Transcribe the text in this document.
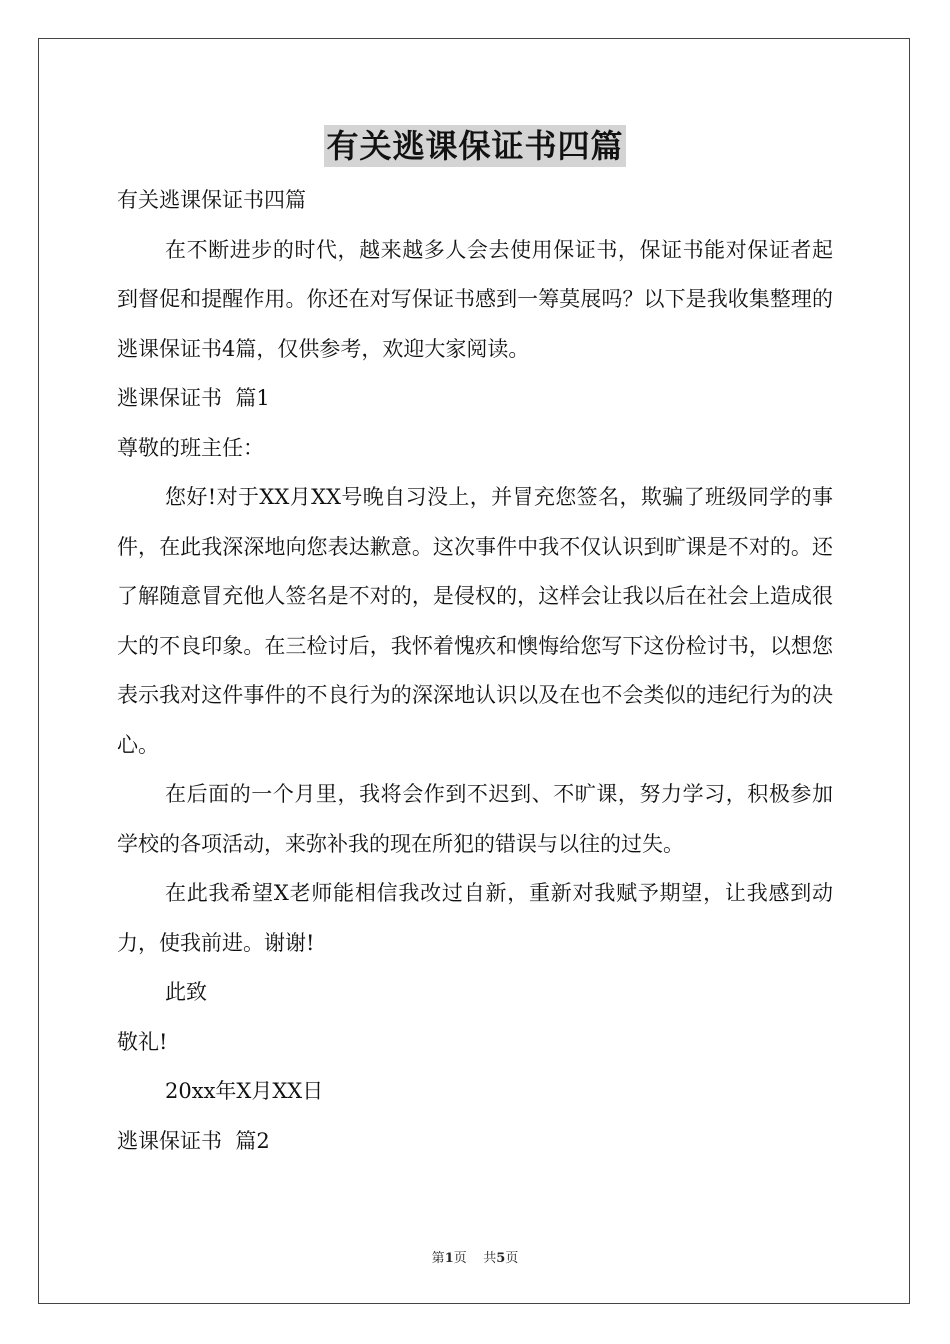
有关逃课保证书四篇

有关逃课保证书四篇

在不断进步的时代，越来越多人会去使用保证书，保证书能对保证者起到督促和提醒作用。你还在对写保证书感到一筹莫展吗？以下是我收集整理的逃课保证书4篇，仅供参考，欢迎大家阅读。

逃课保证书  篇1

尊敬的班主任：

您好!对于XX月XX号晚自习没上，并冒充您签名，欺骗了班级同学的事件，在此我深深地向您表达歉意。这次事件中我不仅认识到旷课是不对的。还了解随意冒充他人签名是不对的，是侵权的，这样会让我以后在社会上造成很大的不良印象。在三检讨后，我怀着愧疚和懊悔给您写下这份检讨书，以想您表示我对这件事件的不良行为的深深地认识以及在也不会类似的违纪行为的决心。

在后面的一个月里，我将会作到不迟到、不旷课，努力学习，积极参加学校的各项活动，来弥补我的现在所犯的错误与以往的过失。

在此我希望X老师能相信我改过自新，重新对我赋予期望，让我感到动力，使我前进。谢谢!

此致

敬礼!

20xx年X月XX日

逃课保证书  篇2

第1页    共5页
